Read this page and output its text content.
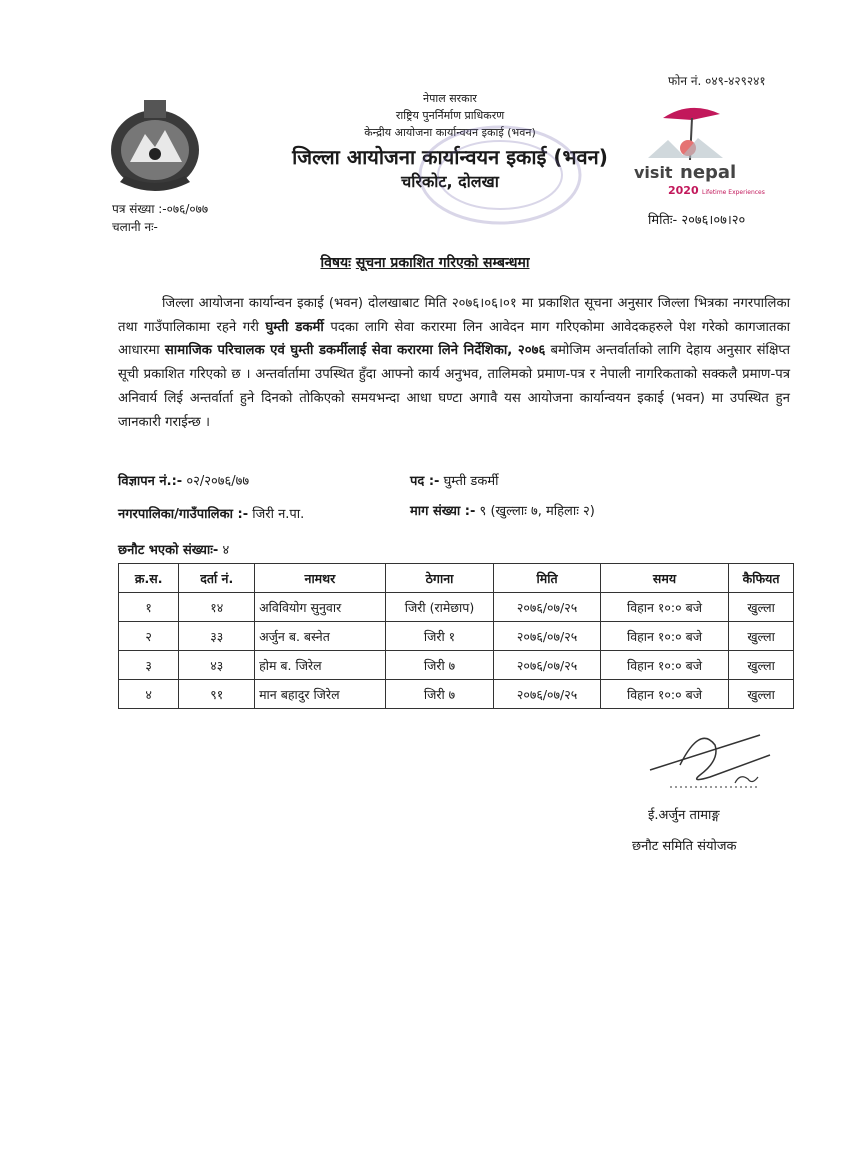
फोन नं. ०४९-४२९२४१
नेपाल सरकार
राष्ट्रिय पुनर्निर्माण प्राधिकरण
केन्द्रीय आयोजना कार्यान्वयन इकाई (भवन)
जिल्ला आयोजना कार्यान्वयन इकाई (भवन)
चरिकोट, दोलखा	visit nepal
2020 Lifetime Experiences
पत्र संख्या :-०७६/०७७
चलानी नः-	मितिः- २०७६।०७।२०
विषयः सूचना प्रकाशित गरिएको सम्बन्धमा
जिल्ला आयोजना कार्यान्वन इकाई (भवन) दोलखाबाट मिति २०७६।०६।०१ मा प्रकाशित सूचना अनुसार जिल्ला भित्रका नगरपालिका तथा गाउँपालिकामा रहने गरी घुम्ती डकर्मी पदका लागि सेवा करारमा लिन आवेदन माग गरिएकोमा आवेदकहरुले पेश गरेको कागजातका आधारमा सामाजिक परिचालक एवं घुम्ती डकर्मीलाई सेवा करारमा लिने निर्देशिका, २०७६ बमोजिम अन्तर्वार्ताको लागि देहाय अनुसार संक्षिप्त सूची प्रकाशित गरिएको छ । अन्तर्वार्तामा उपस्थित हुँदा आफ्नो कार्य अनुभव, तालिमको प्रमाण-पत्र र नेपाली नागरिकताको सक्कलै प्रमाण-पत्र अनिवार्य लिई अन्तर्वार्ता हुने दिनको तोकिएको समयभन्दा आधा घण्टा अगावै यस आयोजना कार्यान्वयन इकाई (भवन) मा उपस्थित हुन जानकारी गराईन्छ ।
विज्ञापन नं.:- ०२/२०७६/७७	पद :- घुम्ती डकर्मी
नगरपालिका/गाउँपालिका :- जिरी न.पा.	माग संख्या :- ९ (खुल्लाः ७, महिलाः २)
छनौट भएको संख्याः- ४
क्र.स.	दर्ता नं.	नामथर	ठेगाना	मिति	समय	कैफियत
१	१४	अविवियोग सुनुवार	जिरी (रामेछाप)	२०७६/०७/२५	विहान १०:० बजे	खुल्ला
२	३३	अर्जुन ब. बस्नेत	जिरी १	२०७६/०७/२५	विहान १०:० बजे	खुल्ला
३	४३	होम ब. जिरेल	जिरी ७	२०७६/०७/२५	विहान १०:० बजे	खुल्ला
४	९१	मान बहादुर जिरेल	जिरी ७	२०७६/०७/२५	विहान १०:० बजे	खुल्ला
ई.अर्जुन तामाङ्ग
छनौट समिति संयोजक
